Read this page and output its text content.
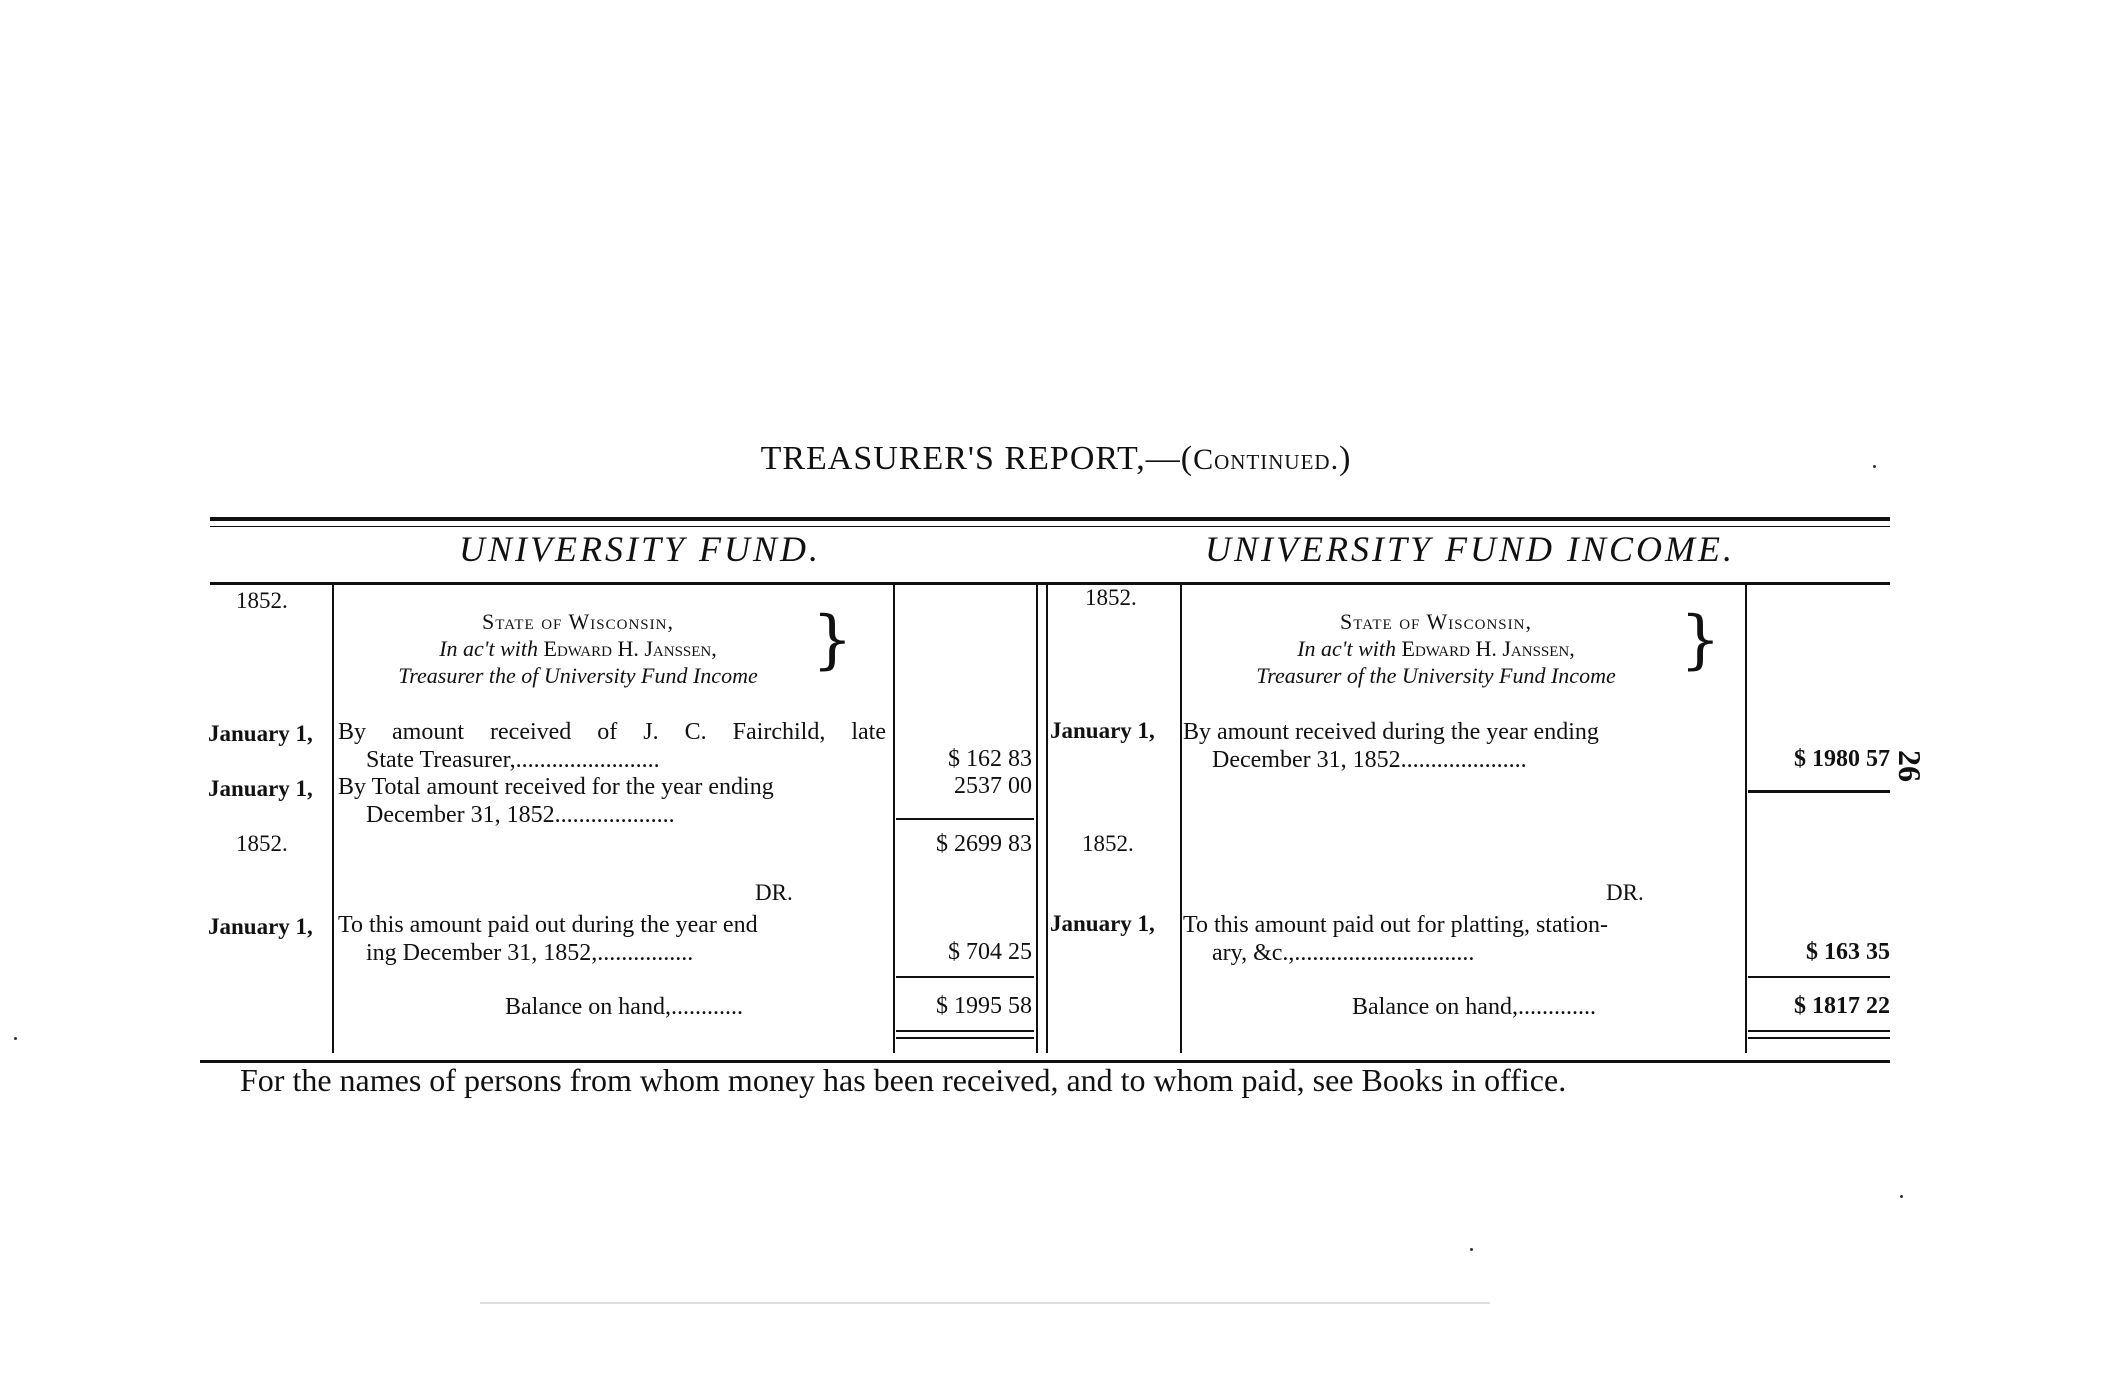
TREASURER'S REPORT,—(Continued.)
UNIVERSITY FUND.	UNIVERSITY FUND INCOME.
1852.
State of Wisconsin,
In ac't with Edward H. Janssen,
Treasurer the of University Fund Income }
January 1, By amount received of J. C. Fairchild, late
State Treasurer,........................	$ 162 83
January 1, By Total amount received for the year ending
December 31, 1852....................
2537 00
1852.	$ 2699 83
DR.
January 1, To this amount paid out during the year end
ing December 31, 1852,................	$ 704 25
Balance on hand,............	$ 1995 58
1852.
State of Wisconsin,
In ac't with Edward H. Janssen,
Treasurer of the University Fund Income	}
January 1, By amount received during the year ending
December 31, 1852.....................	$ 1980 57
1852.
DR.
January 1, To this amount paid out for platting, station-
ary, &c.,..............................	$ 163 35
Balance on hand,.............	$ 1817 22
For the names of persons from whom money has been received, and to whom paid, see Books in office.
26
